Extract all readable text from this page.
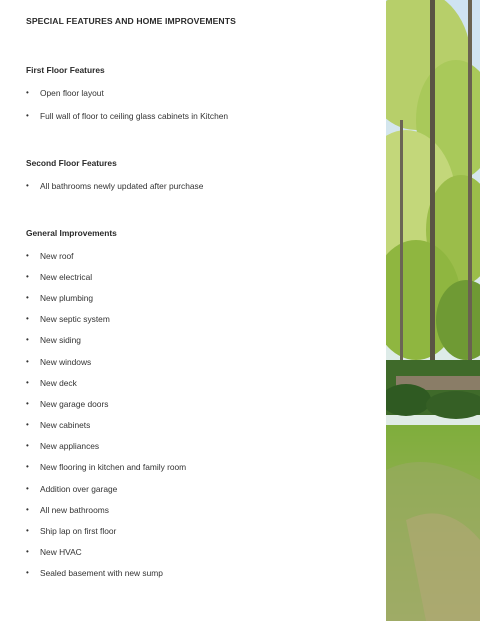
SPECIAL FEATURES AND HOME IMPROVEMENTS
First Floor Features
• Open floor layout
• Full wall of floor to ceiling glass cabinets in Kitchen
Second Floor Features
• All bathrooms newly updated after purchase
General Improvements
• New roof
• New electrical
• New plumbing
• New septic system
• New siding
• New windows
• New deck
• New garage doors
• New cabinets
• New appliances
• New flooring in kitchen and family room
• Addition over garage
• All new bathrooms
• Ship lap on first floor
• New HVAC
• Sealed basement with new sump
